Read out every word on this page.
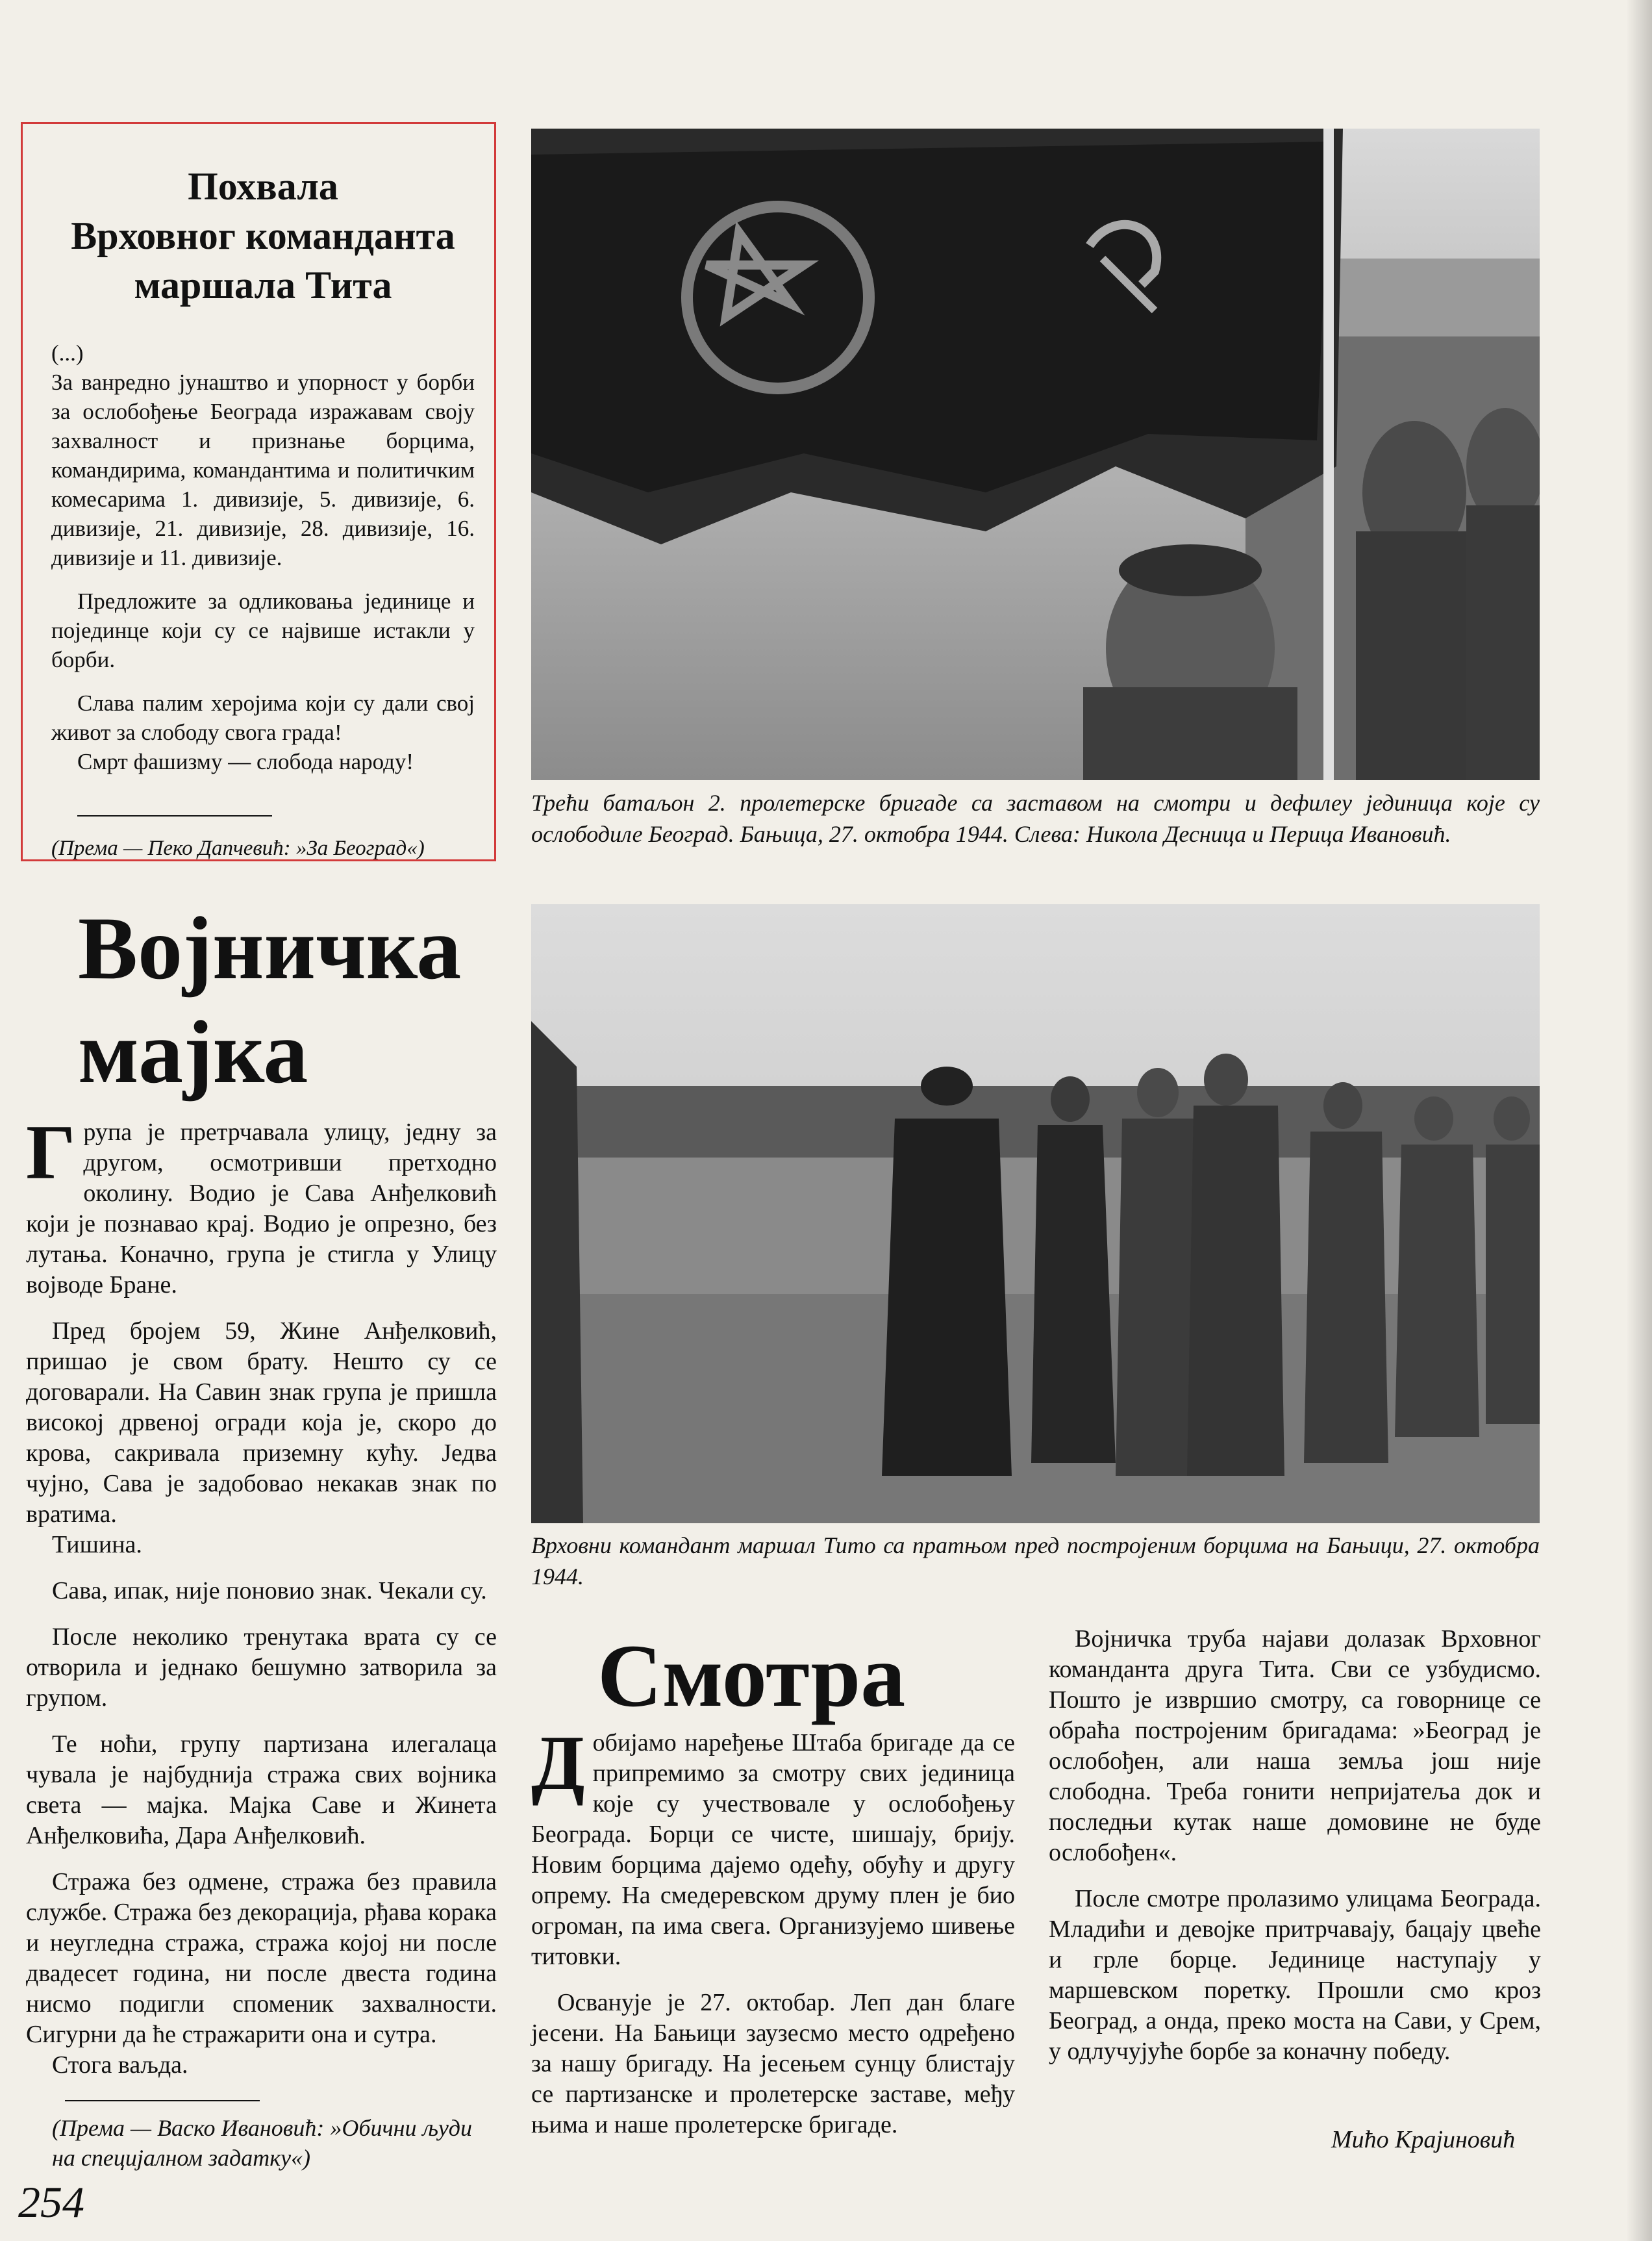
Похвала
Врховног команданта
маршала Тита

(...)

За ванредно јунаштво и упорност у борби за ослобођење Београда изражавам своју захвалност и признање борцима, командирима, командантима и политичким комесарима 1. дивизије, 5. дивизије, 6. дивизије, 21. дивизије, 28. дивизије, 16. дивизије и 11. дивизије.

Предложите за одликовања јединице и појединце који су се највише истакли у борби.

Слава палим херојима који су дали свој живот за слободу свога града!

Смрт фашизму — слобода народу!

(Према — Пеко Дапчевић: »За Београд«)
Војничка
мајка

Група је претрчавала улицу, једну за другом, осмотривши претходно околину. Водио је Сава Анђелковић који је познавао крај. Водио је опрезно, без лутања. Коначно, група је стигла у Улицу војводе Бране.

Пред бројем 59, Жине Анђелковић, пришао је свом брату. Нешто су се договарали. На Савин знак група је пришла високој дрвеној огради која је, скоро до крова, сакривала приземну кућу. Једва чујно, Сава је задобовао некакав знак по вратима.

Тишина.

Сава, ипак, није поновио знак. Чекали су.

После неколико тренутака врата су се отворила и једнако бешумно затворила за групом.

Те ноћи, групу партизана илегалаца чувала је најбуднија стража свих војника света — мајка. Мајка Саве и Жинета Анђелковића, Дара Анђелковић.

Стража без одмене, стража без правила службе. Стража без декорација, рђава корака и неугледна стража, стража којој ни после двадесет година, ни после двеста година нисмо подигли споменик захвалности. Сигурни да ће стражарити она и сутра.

Стога ваљда.

(Према — Васко Ивановић: »Обични људи на специјалном задатку«)
254
Трећи батаљон 2. пролетерске бригаде са заставом на смотри и дефилеу јединица које су ослободиле Београд. Бањица, 27. октобра 1944. Слева: Никола Десница и Перица Ивановић.
Врховни командант маршал Тито са пратњом пред постројеним борцима на Бањици, 27. октобра 1944.
Смотра

Добијамо наређење Штаба бригаде да се припремимо за смотру свих јединица које су учествовале у ослобођењу Београда. Борци се чисте, шишају, брију. Новим борцима дајемо одећу, обућу и другу опрему. На смедеревском друму плен је био огроман, па има свега. Организујемо шивење титовки.

Осванујe је 27. октобар. Леп дан благе јесени. На Бањици заузесмо место одређено за нашу бригаду. На јесењем сунцу блистају се партизанске и пролетерске заставе, међу њима и наше пролетерске бригаде.

Војничка труба најави долазак Врховног команданта друга Тита. Сви се узбудисмо. Пошто је извршио смотру, са говорнице се обраћа постројеним бригадама: »Београд је ослобођен, али наша земља још није слободна. Треба гонити непријатеља док и последњи кутак наше домовине не буде ослобођен«.

После смотре пролазимо улицама Београда. Младићи и девојке притрчавају, бацају цвеће и грле борце. Јединице наступају у маршевском поретку. Прошли смо кроз Београд, а онда, преко моста на Сави, у Срем, у одлучујуће борбе за коначну победу.

Мићо Крајиновић
